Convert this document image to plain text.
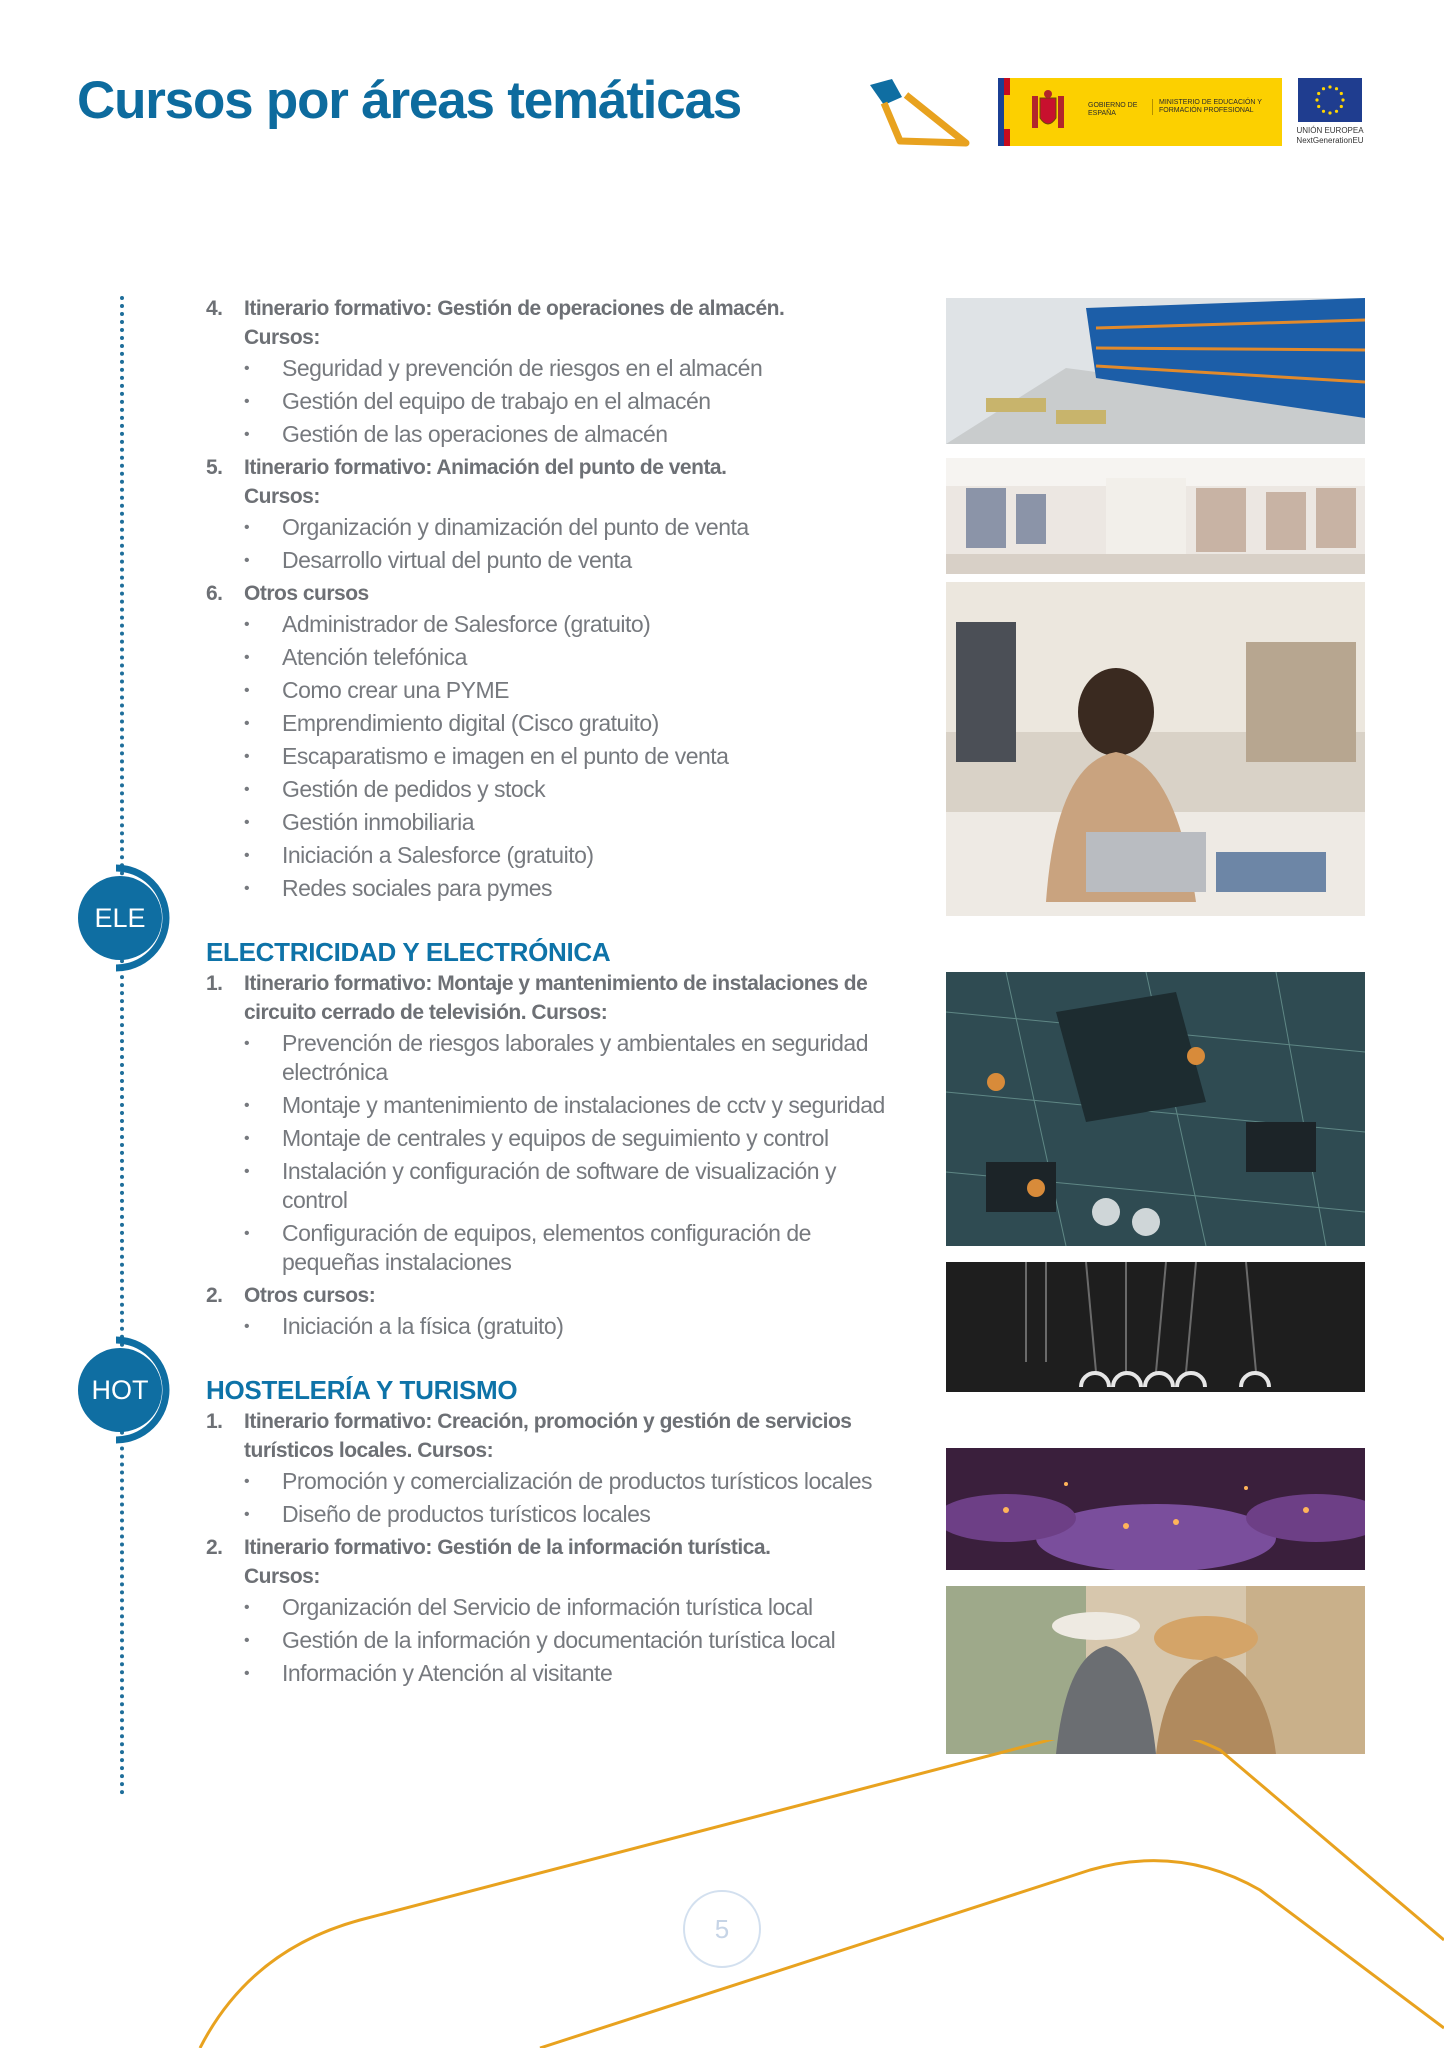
Cursos por áreas temáticas	GOBIERNO DE ESPAÑA
MINISTERIO DE EDUCACIÓN Y FORMACIÓN PROFESIONAL
UNIÓN EUROPEA
NextGenerationEU
ELE
HOT
4.	Itinerario formativo: Gestión de operaciones de almacén.
Cursos:
•	Seguridad y prevención de riesgos en el almacén
•	Gestión del equipo de trabajo en el almacén
•	Gestión de las operaciones de almacén
5.	Itinerario formativo: Animación del punto de venta.
Cursos:
•	Organización y dinamización del punto de venta
•	Desarrollo virtual del punto de venta
6.	Otros cursos
•	Administrador de Salesforce (gratuito)
•	Atención telefónica
•	Como crear una PYME
•	Emprendimiento digital (Cisco gratuito)
•	Escaparatismo e imagen en el punto de venta
•	Gestión de pedidos y stock
•	Gestión inmobiliaria
•	Iniciación a Salesforce (gratuito)
•	Redes sociales para pymes
ELECTRICIDAD Y ELECTRÓNICA
1.	Itinerario formativo: Montaje y mantenimiento de instalaciones de circuito cerrado de televisión. Cursos:
•	Prevención de riesgos laborales y ambientales en seguridad electrónica
•	Montaje y mantenimiento de instalaciones de cctv y seguridad
•	Montaje de centrales y equipos de seguimiento y control
•	Instalación y configuración de software de visualización y control
•	Configuración de equipos, elementos configuración de pequeñas instalaciones
2.	Otros cursos:
•	Iniciación a la física (gratuito)
HOSTELERÍA Y TURISMO
1.	Itinerario formativo: Creación, promoción y gestión de servicios turísticos locales. Cursos:
•	Promoción y comercialización de productos turísticos locales
•	Diseño de productos turísticos locales
2.	Itinerario formativo: Gestión de la información turística.
Cursos:
•	Organización del Servicio de información turística local
•	Gestión de la información y documentación turística local
•	Información y Atención al visitante
5
